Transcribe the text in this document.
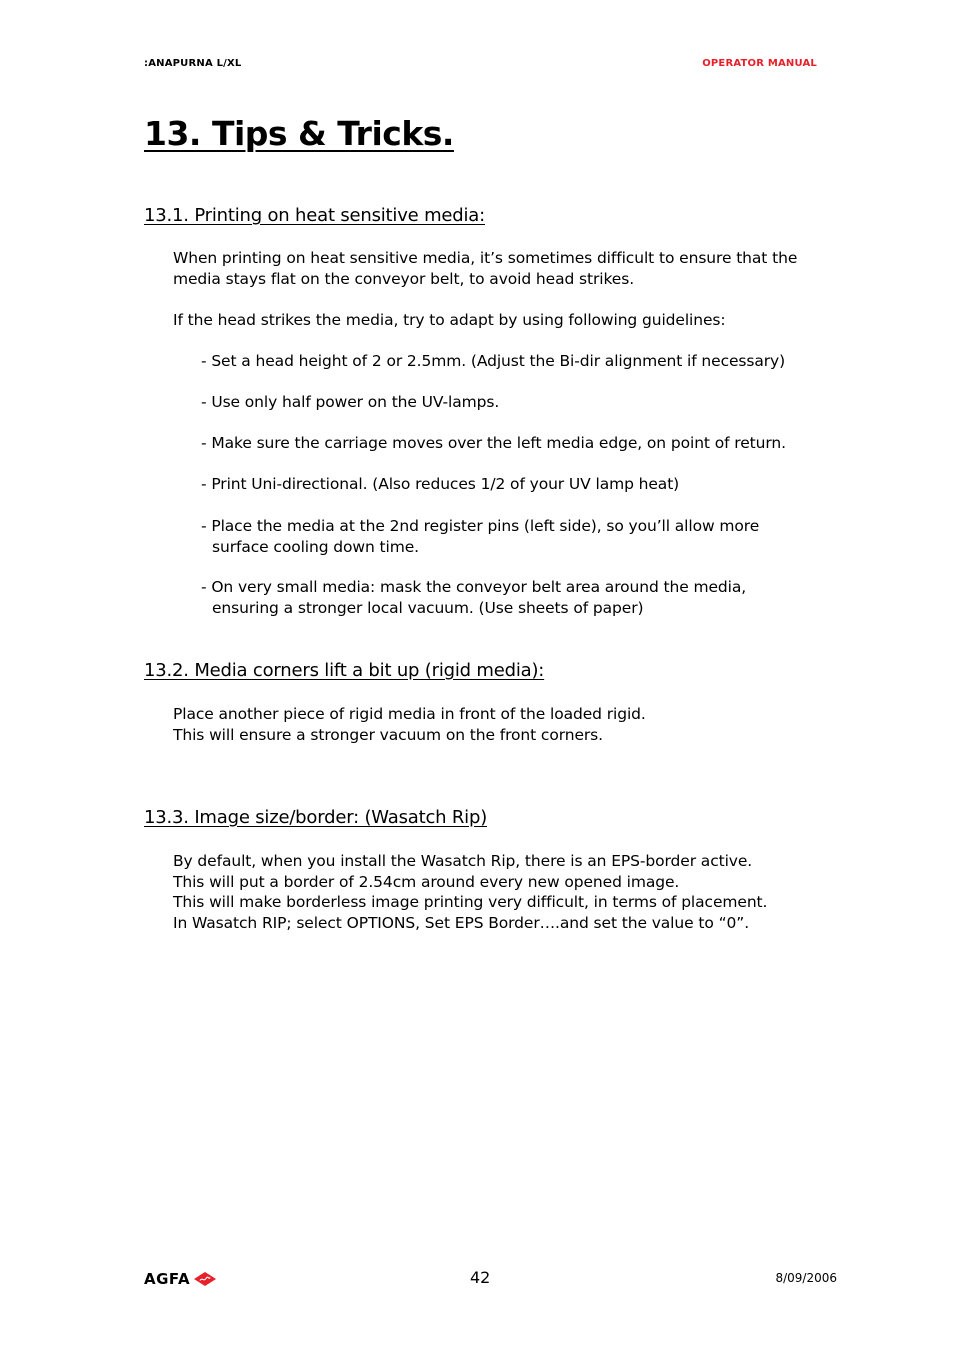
:ANAPURNA L/XL	OPERATOR MANUAL
13. Tips & Tricks.
13.1. Printing on heat sensitive media:

When printing on heat sensitive media, it’s sometimes difficult to ensure that the
media stays flat on the conveyor belt, to avoid head strikes.

If the head strikes the media, try to adapt by using following guidelines:

- Set a head height of 2 or 2.5mm. (Adjust the Bi-dir alignment if necessary)
- Use only half power on the UV-lamps.
- Make sure the carriage moves over the left media edge, on point of return.
- Print Uni-directional. (Also reduces 1/2 of your UV lamp heat)
- Place the media at the 2nd register pins (left side), so you’ll allow more
surface cooling down time.
- On very small media: mask the conveyor belt area around the media,
ensuring a stronger local vacuum. (Use sheets of paper)
13.2. Media corners lift a bit up (rigid media):

Place another piece of rigid media in front of the loaded rigid.
This will ensure a stronger vacuum on the front corners.

13.3. Image size/border: (Wasatch Rip)

By default, when you install the Wasatch Rip, there is an EPS-border active.
This will put a border of 2.54cm around every new opened image.
This will make borderless image printing very difficult, in terms of placement.
In Wasatch RIP; select OPTIONS, Set EPS Border….and set the value to “0”.

AGFA	42	8/09/2006
